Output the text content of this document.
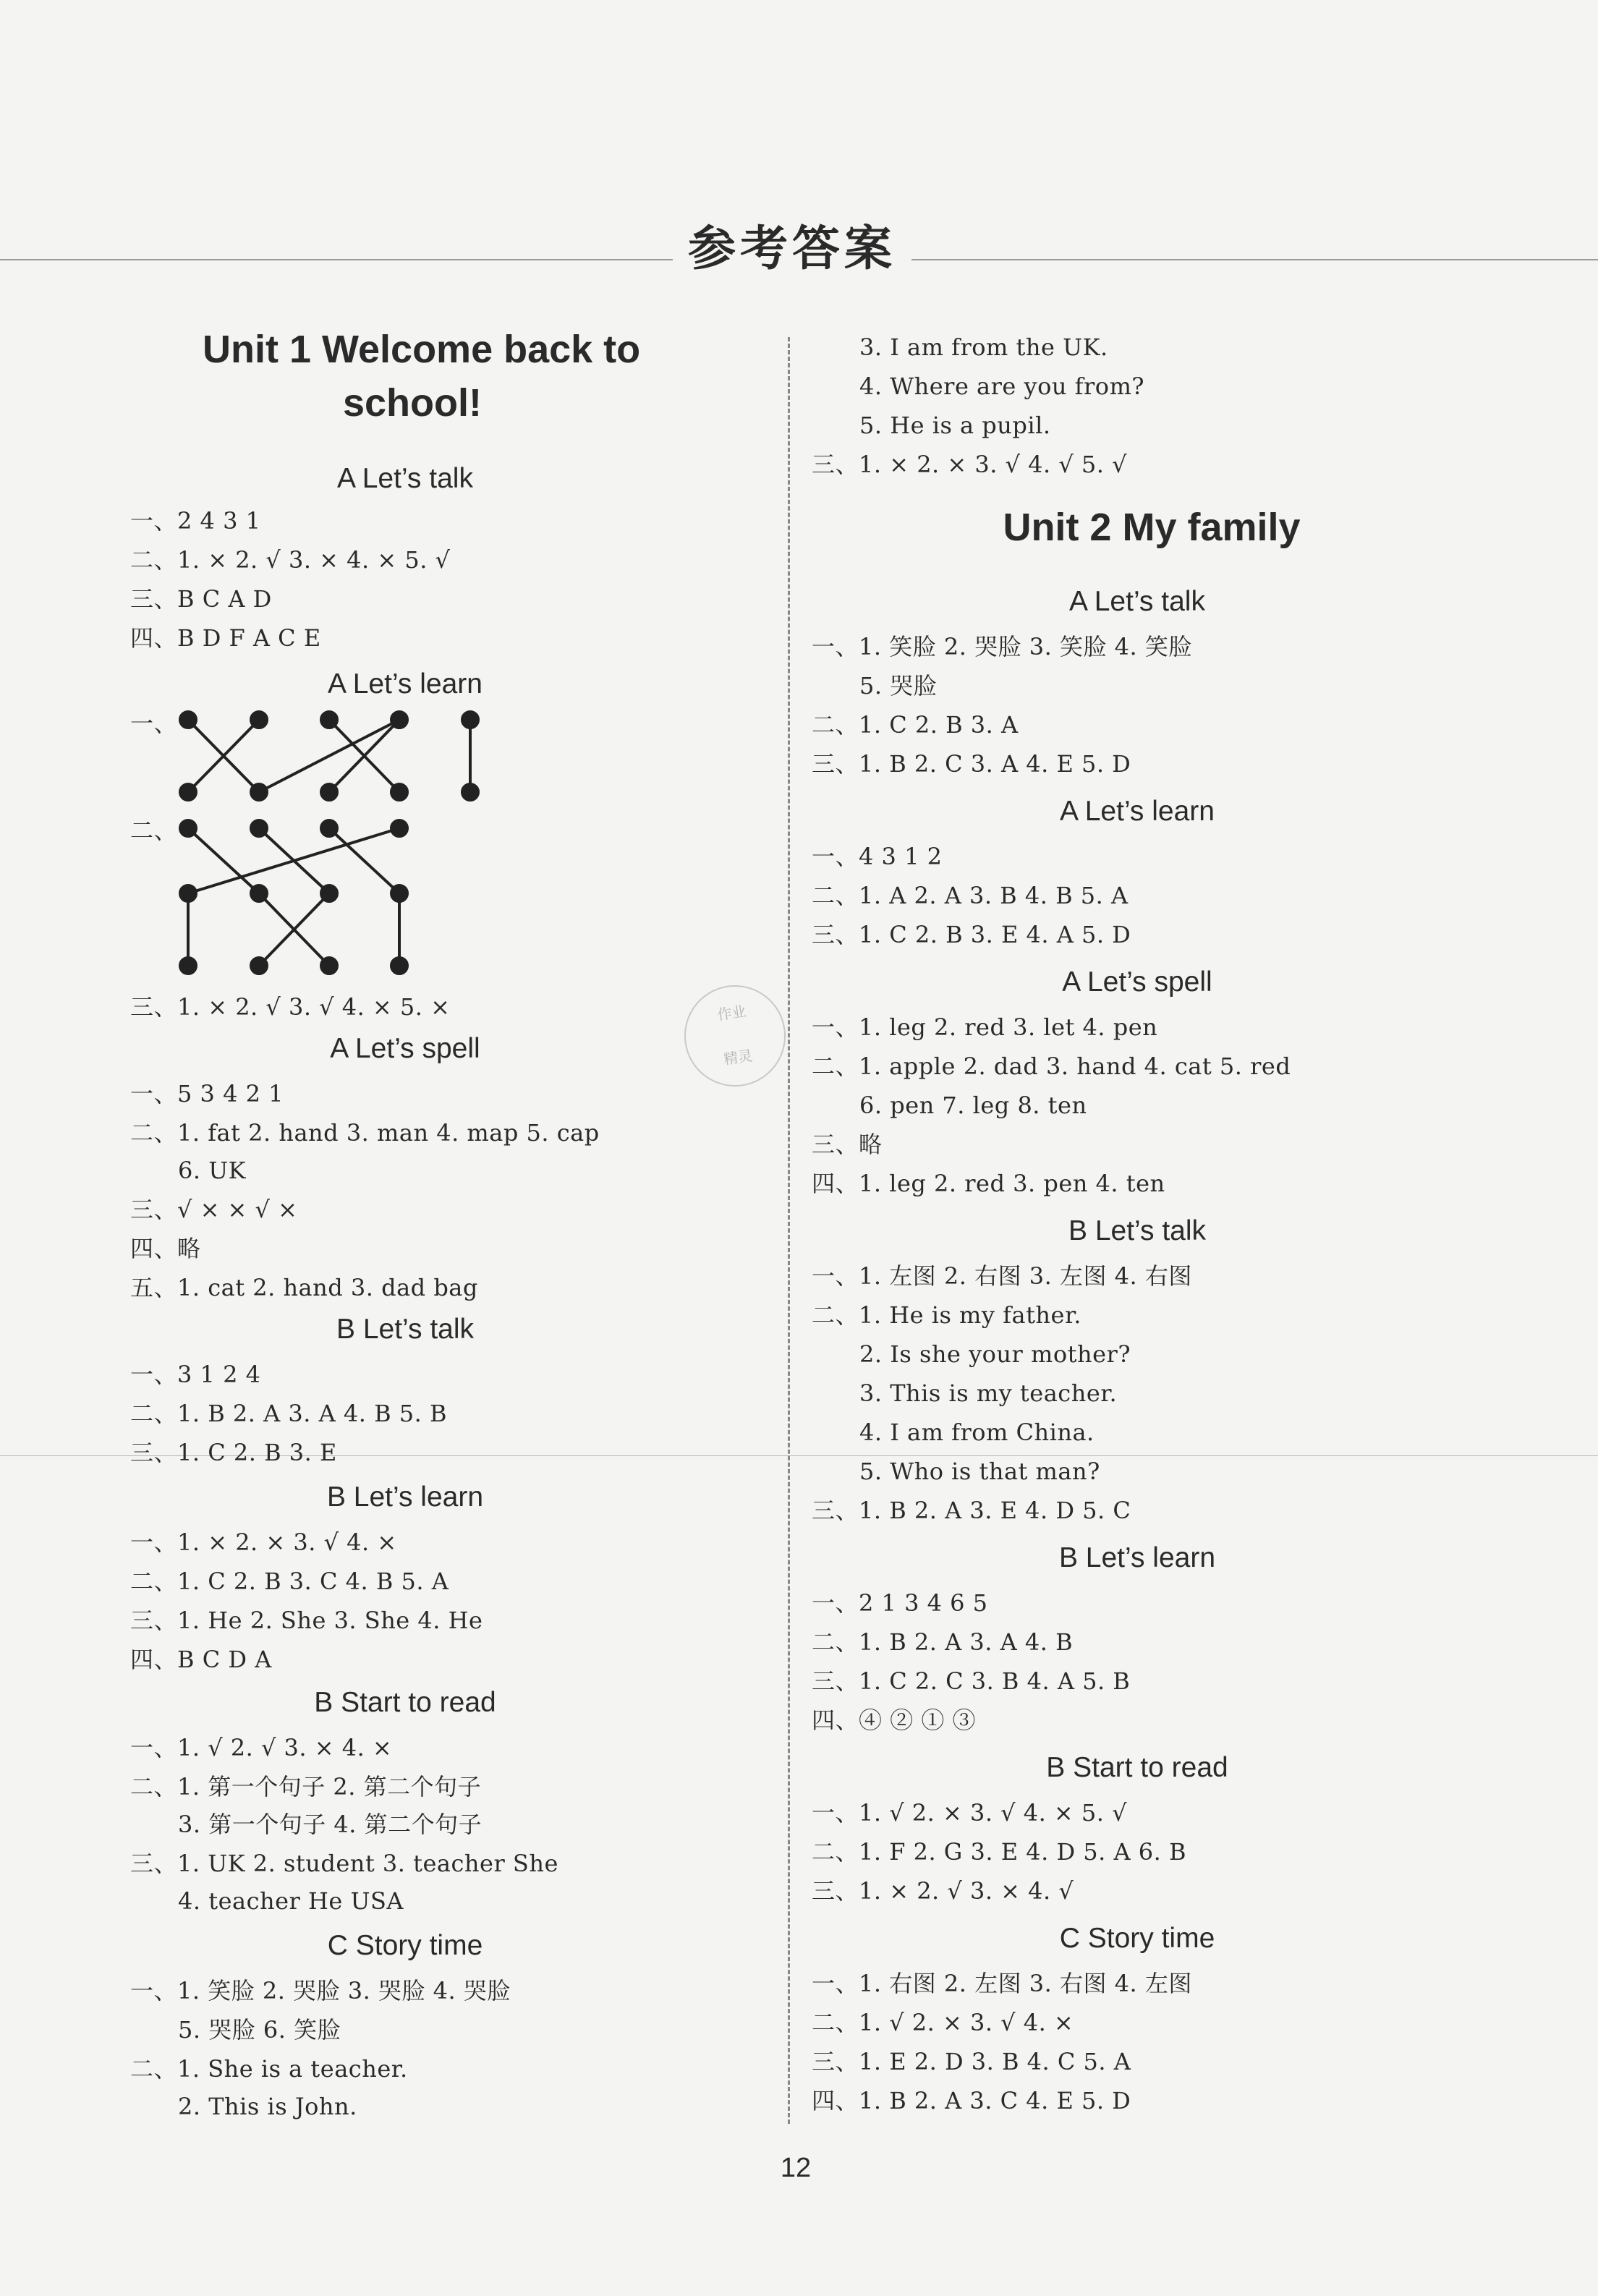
参考答案
Unit 1 Welcome back to
school!
A Let’s talk
一、2 4 3 1
二、1. × 2. √ 3. × 4. × 5. √
三、B C A D
四、B D F A C E
A Let’s learn
一、
二、
三、1. × 2. √ 3. √ 4. × 5. ×
A Let’s spell
一、5 3 4 2 1
二、1. fat 2. hand 3. man 4. map 5. cap
6. UK
三、√ × × √ ×
四、略
五、1. cat 2. hand 3. dad bag
B Let’s talk
一、3 1 2 4
二、1. B 2. A 3. A 4. B 5. B
三、1. C 2. B 3. E
B Let’s learn
一、1. × 2. × 3. √ 4. ×
二、1. C 2. B 3. C 4. B 5. A
三、1. He 2. She 3. She 4. He
四、B C D A
B Start to read
一、1. √ 2. √ 3. × 4. ×
二、1. 第一个句子 2. 第二个句子
3. 第一个句子 4. 第二个句子
三、1. UK 2. student 3. teacher She
4. teacher He USA
C Story time
一、1. 笑脸 2. 哭脸 3. 哭脸 4. 哭脸
5. 哭脸 6. 笑脸
二、1. She is a teacher.
2. This is John.
作业
精灵
3. I am from the UK.
4. Where are you from?
5. He is a pupil.
三、1. × 2. × 3. √ 4. √ 5. √
Unit 2 My family
A Let’s talk
一、1. 笑脸 2. 哭脸 3. 笑脸 4. 笑脸
5. 哭脸
二、1. C 2. B 3. A
三、1. B 2. C 3. A 4. E 5. D
A Let’s learn
一、4 3 1 2
二、1. A 2. A 3. B 4. B 5. A
三、1. C 2. B 3. E 4. A 5. D
A Let’s spell
一、1. leg 2. red 3. let 4. pen
二、1. apple 2. dad 3. hand 4. cat 5. red
6. pen 7. leg 8. ten
三、略
四、1. leg 2. red 3. pen 4. ten
B Let’s talk
一、1. 左图 2. 右图 3. 左图 4. 右图
二、1. He is my father.
2. Is she your mother?
3. This is my teacher.
4. I am from China.
5. Who is that man?
三、1. B 2. A 3. E 4. D 5. C
B Let’s learn
一、2 1 3 4 6 5
二、1. B 2. A 3. A 4. B
三、1. C 2. C 3. B 4. A 5. B
四、④ ② ① ③
B Start to read
一、1. √ 2. × 3. √ 4. × 5. √
二、1. F 2. G 3. E 4. D 5. A 6. B
三、1. × 2. √ 3. × 4. √
C Story time
一、1. 右图 2. 左图 3. 右图 4. 左图
二、1. √ 2. × 3. √ 4. ×
三、1. E 2. D 3. B 4. C 5. A
四、1. B 2. A 3. C 4. E 5. D
12
